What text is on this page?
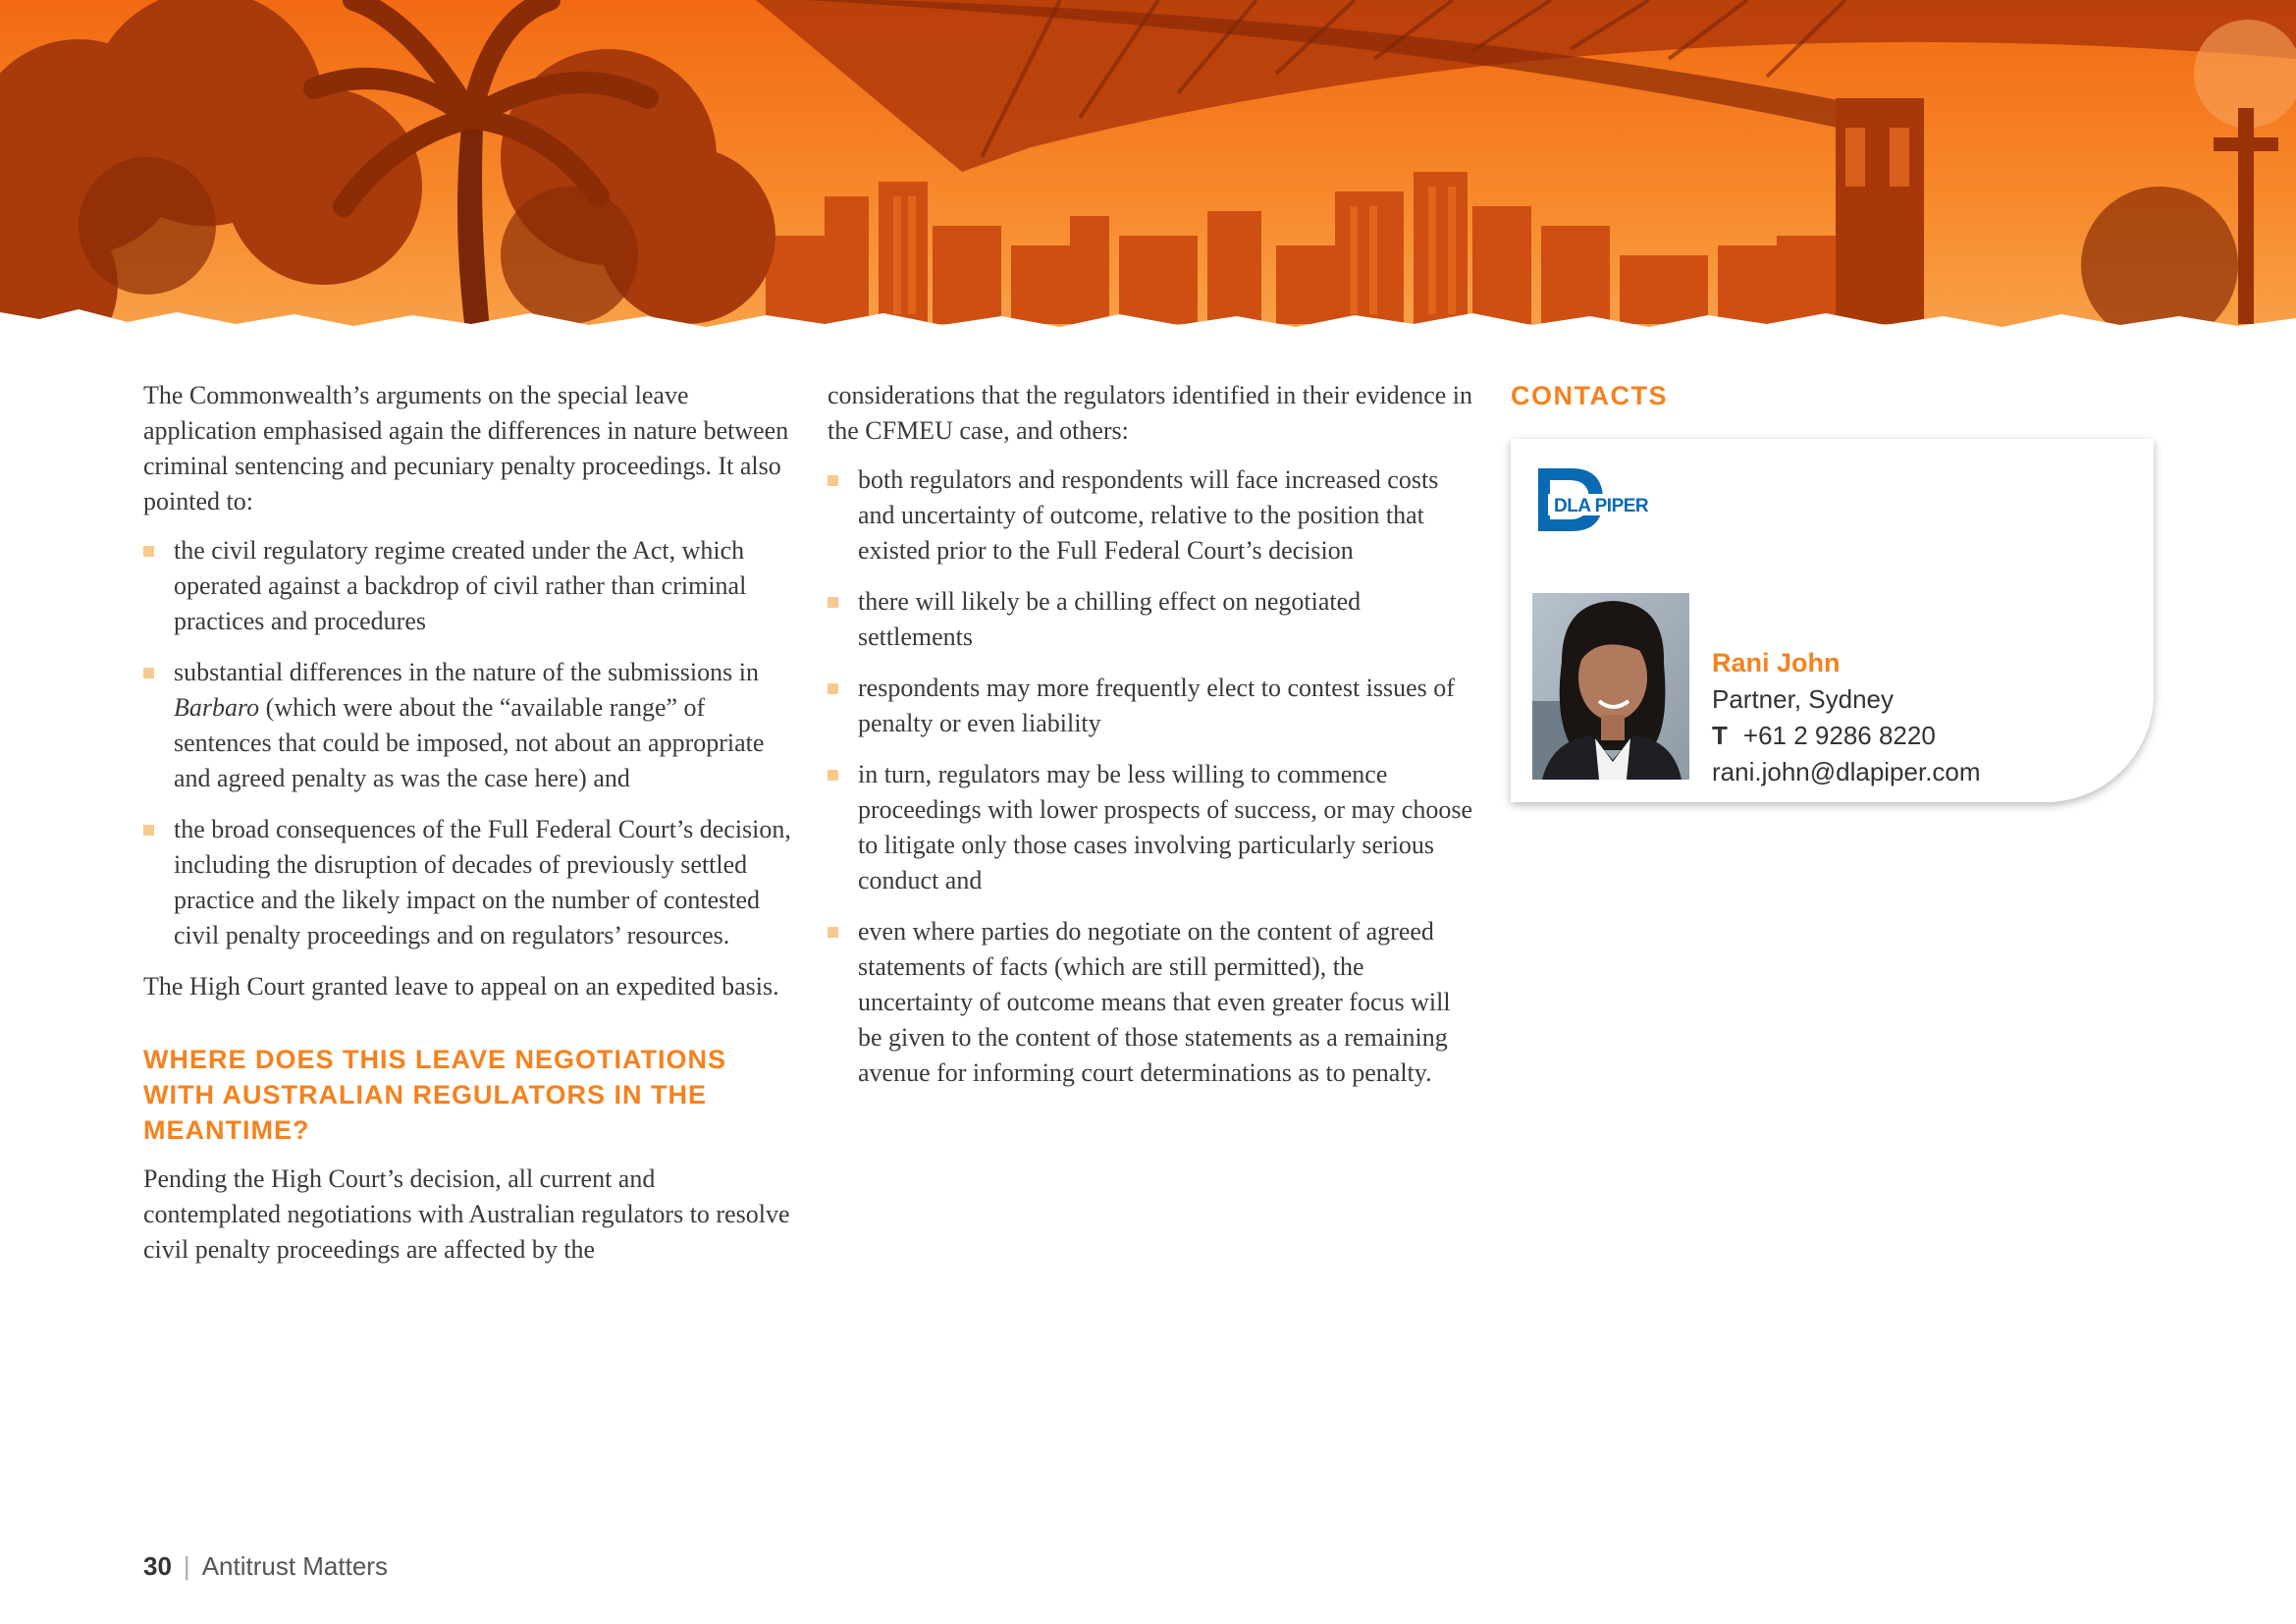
The Commonwealth’s arguments on the special leave application emphasised again the differences in nature between criminal sentencing and pecuniary penalty proceedings. It also pointed to:

the civil regulatory regime created under the Act, which operated against a backdrop of civil rather than criminal practices and procedures
substantial differences in the nature of the submissions in Barbaro (which were about the “available range” of sentences that could be imposed, not about an appropriate and agreed penalty as was the case here) and
the broad consequences of the Full Federal Court’s decision, including the disruption of decades of previously settled practice and the likely impact on the number of contested civil penalty proceedings and on regulators’ resources.

The High Court granted leave to appeal on an expedited basis.

WHERE DOES THIS LEAVE NEGOTIATIONS WITH AUSTRALIAN REGULATORS IN THE MEANTIME?

Pending the High Court’s decision, all current and contemplated negotiations with Australian regulators to resolve civil penalty proceedings are affected by the

considerations that the regulators identified in their evidence in the CFMEU case, and others:

both regulators and respondents will face increased costs and uncertainty of outcome, relative to the position that existed prior to the Full Federal Court’s decision
there will likely be a chilling effect on negotiated settlements
respondents may more frequently elect to contest issues of penalty or even liability
in turn, regulators may be less willing to commence proceedings with lower prospects of success, or may choose to litigate only those cases involving particularly serious conduct and
even where parties do negotiate on the content of agreed statements of facts (which are still permitted), the uncertainty of outcome means that even greater focus will be given to the content of those statements as a remaining avenue for informing court determinations as to penalty.
CONTACTS
DLA PIPER
Rani John
Partner, Sydney
T +61 2 9286 8220
rani.john@dlapiper.com
30 | Antitrust Matters
